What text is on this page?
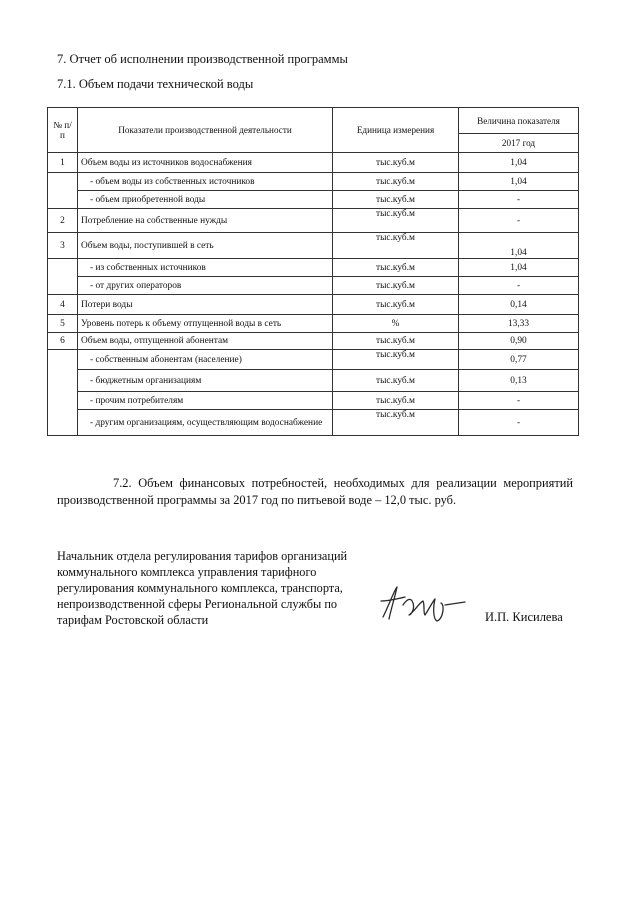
7. Отчет об исполнении производственной программы
7.1. Объем подачи технической воды
№ п/п	Показатели производственной деятельности	Единица измерения	Величина показателя
			2017 год
1	Объем воды из источников водоснабжения	тыс.куб.м	1,04
	- объем воды из собственных источников	тыс.куб.м	1,04
	- объем приобретенной воды	тыс.куб.м	-
2	Потребление на собственные нужды	тыс.куб.м	-
3	Объем воды, поступившей в сеть	тыс.куб.м	1,04
	- из собственных источников	тыс.куб.м	1,04
	- от других операторов	тыс.куб.м	-
4	Потери воды	тыс.куб.м	0,14
5	Уровень потерь к объему отпущенной воды в сеть	%	13,33
6	Объем воды, отпущенной абонентам	тыс.куб.м	0,90
	- собственным абонентам (население)	тыс.куб.м	0,77
	- бюджетным организациям	тыс.куб.м	0,13
	- прочим потребителям	тыс.куб.м	-
	- другим организациям, осуществляющим водоснабжение	тыс.куб.м	-
7.2. Объем финансовых потребностей, необходимых для реализации мероприятий производственной программы за 2017 год по питьевой воде – 12,0 тыс. руб.
Начальник отдела регулирования тарифов организаций коммунального комплекса управления тарифного регулирования коммунального комплекса, транспорта, непроизводственной сферы Региональной службы по тарифам Ростовской области	И.П. Кисилева
